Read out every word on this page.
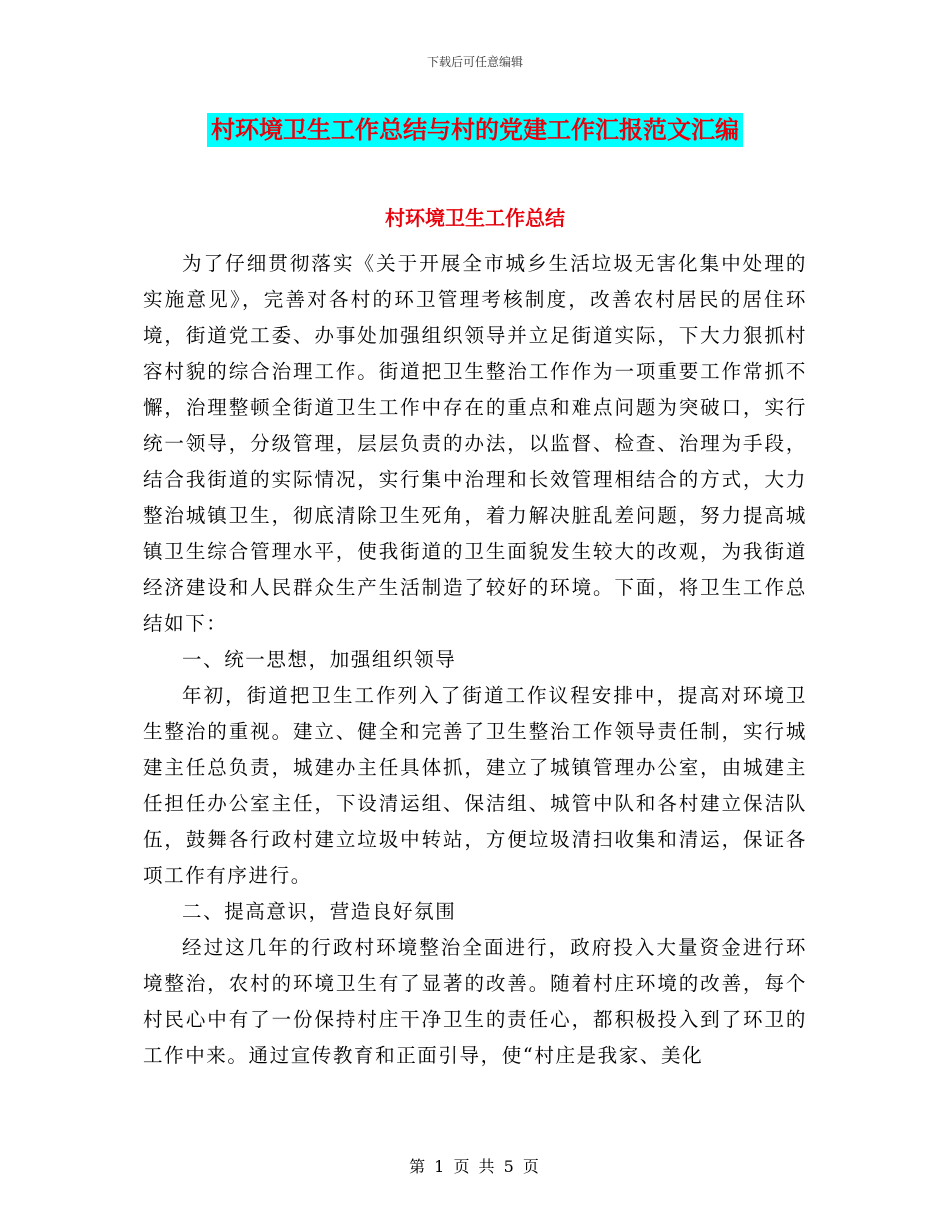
下载后可任意编辑
村环境卫生工作总结与村的党建工作汇报范文汇编
村环境卫生工作总结

为了仔细贯彻落实《关于开展全市城乡生活垃圾无害化集中处理的实施意见》，完善对各村的环卫管理考核制度，改善农村居民的居住环境，街道党工委、办事处加强组织领导并立足街道实际，下大力狠抓村容村貌的综合治理工作。街道把卫生整治工作作为一项重要工作常抓不懈，治理整顿全街道卫生工作中存在的重点和难点问题为突破口，实行统一领导，分级管理，层层负责的办法，以监督、检查、治理为手段，结合我街道的实际情况，实行集中治理和长效管理相结合的方式，大力整治城镇卫生，彻底清除卫生死角，着力解决脏乱差问题，努力提高城镇卫生综合管理水平，使我街道的卫生面貌发生较大的改观，为我街道经济建设和人民群众生产生活制造了较好的环境。下面，将卫生工作总结如下：

一、统一思想，加强组织领导

年初，街道把卫生工作列入了街道工作议程安排中，提高对环境卫生整治的重视。建立、健全和完善了卫生整治工作领导责任制，实行城建主任总负责，城建办主任具体抓，建立了城镇管理办公室，由城建主任担任办公室主任，下设清运组、保洁组、城管中队和各村建立保洁队伍，鼓舞各行政村建立垃圾中转站，方便垃圾清扫收集和清运，保证各项工作有序进行。

二、提高意识，营造良好氛围

经过这几年的行政村环境整治全面进行，政府投入大量资金进行环境整治，农村的环境卫生有了显著的改善。随着村庄环境的改善，每个村民心中有了一份保持村庄干净卫生的责任心，都积极投入到了环卫的工作中来。通过宣传教育和正面引导，使“村庄是我家、美化

第 1 页 共 5 页
